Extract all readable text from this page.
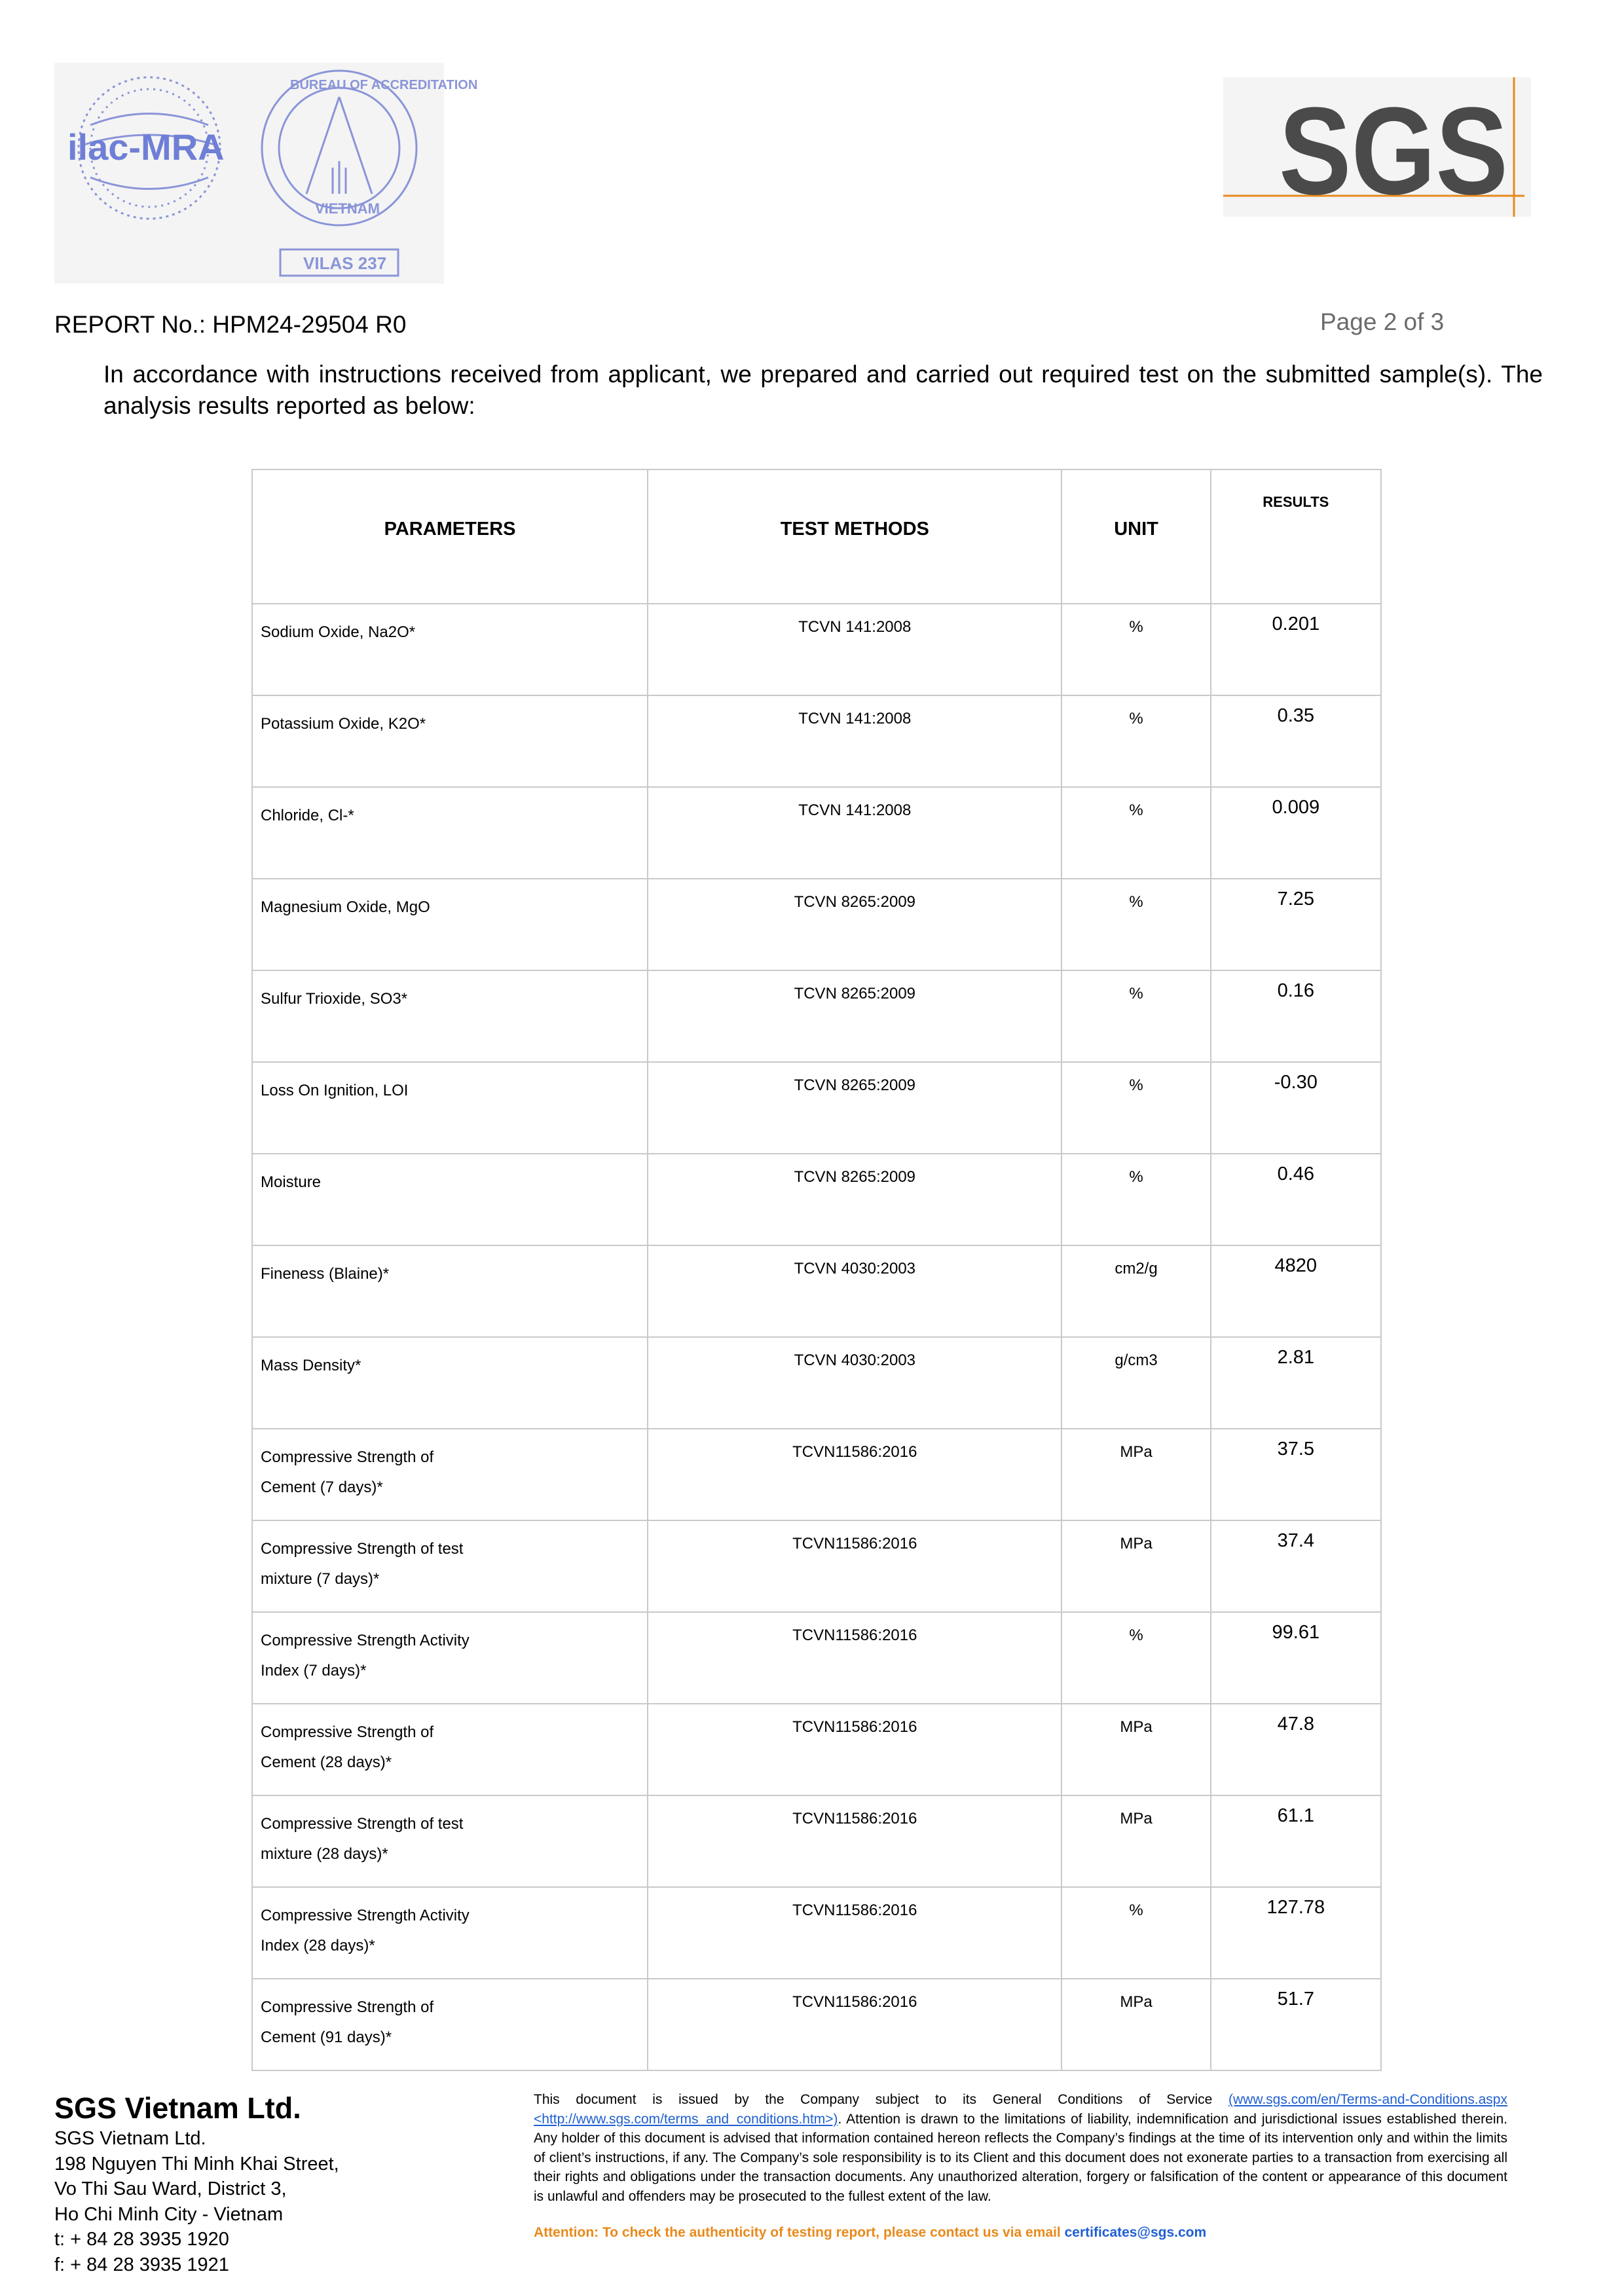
ilac-MRA
BUREAU OF ACCREDITATION
VIETNAM
VILAS 237
SGS
REPORT No.: HPM24-29504 R0	Page 2 of 3
In accordance with instructions received from applicant, we prepared and carried out required test on the submitted sample(s). The analysis results reported as below:
PARAMETERS	TEST METHODS	UNIT	RESULTS

Sodium Oxide, Na2O*	TCVN 141:2008	%	0.201

Potassium Oxide, K2O*	TCVN 141:2008	%	0.35

Chloride, Cl-*	TCVN 141:2008	%	0.009

Magnesium Oxide, MgO	TCVN 8265:2009	%	7.25

Sulfur Trioxide, SO3*	TCVN 8265:2009	%	0.16

Loss On Ignition, LOI	TCVN 8265:2009	%	-0.30

Moisture	TCVN 8265:2009	%	0.46

Fineness (Blaine)*	TCVN 4030:2003	cm2/g	4820

Mass Density*	TCVN 4030:2003	g/cm3	2.81

Compressive Strength of Cement (7 days)*	TCVN11586:2016	MPa	37.5

Compressive Strength of test mixture (7 days)*	TCVN11586:2016	MPa	37.4

Compressive Strength Activity Index (7 days)*	TCVN11586:2016	%	99.61

Compressive Strength of Cement (28 days)*	TCVN11586:2016	MPa	47.8

Compressive Strength of test mixture (28 days)*	TCVN11586:2016	MPa	61.1

Compressive Strength Activity Index (28 days)*	TCVN11586:2016	%	127.78

Compressive Strength of Cement (91 days)*	TCVN11586:2016	MPa	51.7
SGS Vietnam Ltd.
SGS Vietnam Ltd.
198 Nguyen Thi Minh Khai Street,
Vo Thi Sau Ward, District 3,
Ho Chi Minh City - Vietnam
t: + 84 28 3935 1920
f: + 84 28 3935 1921
This document is issued by the Company subject to its General Conditions of Service (www.sgs.com/en/Terms-and-Conditions.aspx <http://www.sgs.com/terms_and_conditions.htm>). Attention is drawn to the limitations of liability, indemnification and jurisdictional issues established therein. Any holder of this document is advised that information contained hereon reflects the Company’s findings at the time of its intervention only and within the limits of client’s instructions, if any. The Company’s sole responsibility is to its Client and this document does not exonerate parties to a transaction from exercising all their rights and obligations under the transaction documents. Any unauthorized alteration, forgery or falsification of the content or appearance of this document is unlawful and offenders may be prosecuted to the fullest extent of the law.
Attention: To check the authenticity of testing report, please contact us via email certificates@sgs.com
